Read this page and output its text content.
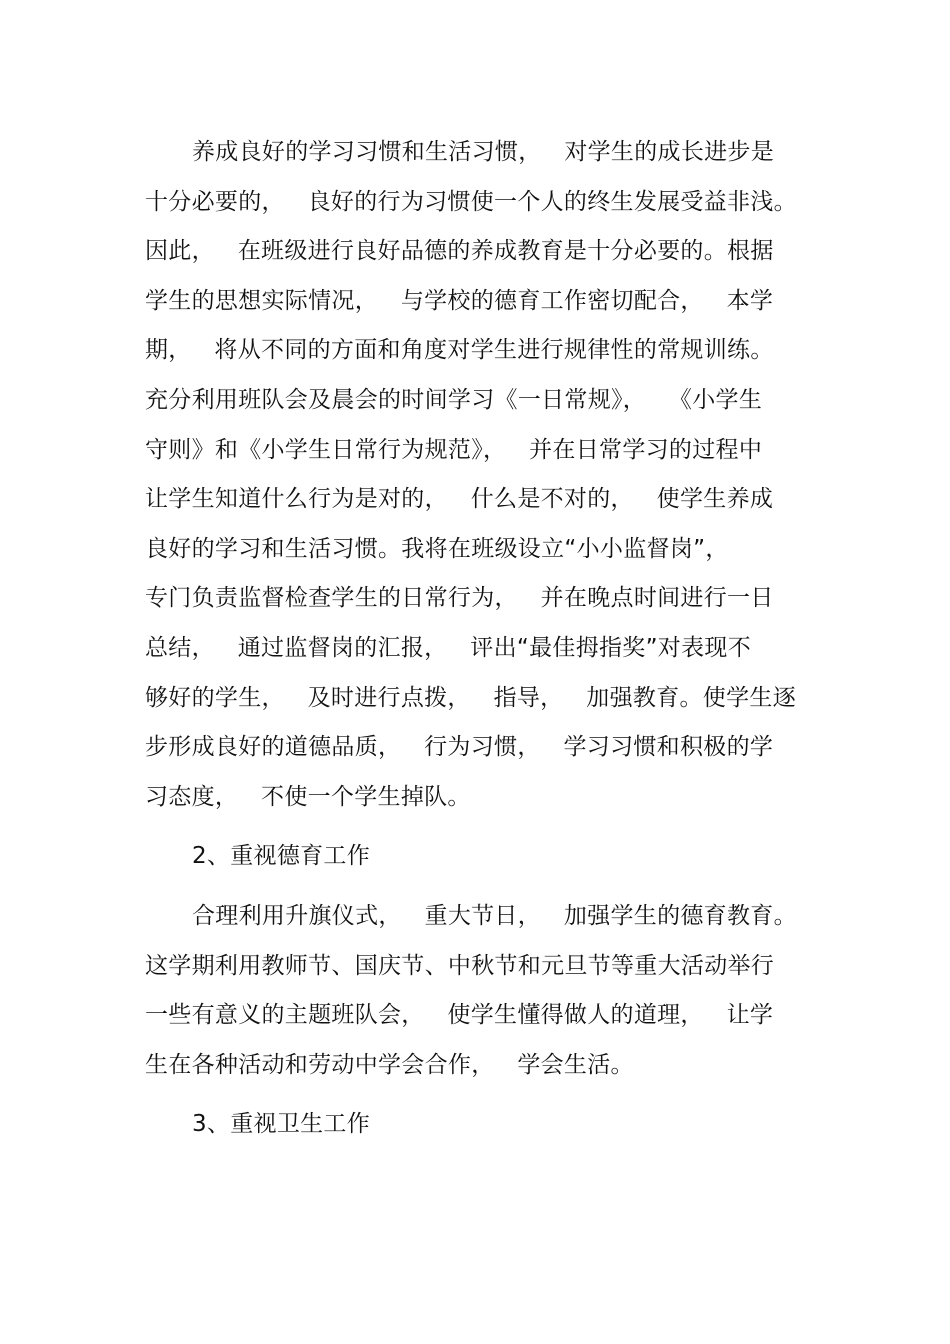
养成良好的学习习惯和生活习惯，   对学生的成长进步是
十分必要的，   良好的行为习惯使一个人的终生发展受益非浅。
因此，   在班级进行良好品德的养成教育是十分必要的。根据
学生的思想实际情况，   与学校的德育工作密切配合，   本学
期，   将从不同的方面和角度对学生进行规律性的常规训练。
充分利用班队会及晨会的时间学习《一日常规》，   《小学生
守则》和《小学生日常行为规范》，   并在日常学习的过程中
让学生知道什么行为是对的，   什么是不对的，   使学生养成
良好的学习和生活习惯。我将在班级设立“小小监督岗”，
专门负责监督检查学生的日常行为，   并在晚点时间进行一日
总结，   通过监督岗的汇报，   评出“最佳拇指奖”对表现不
够好的学生，   及时进行点拨，   指导，   加强教育。使学生逐
步形成良好的道德品质，   行为习惯，   学习习惯和积极的学
习态度，   不使一个学生掉队。
2、重视德育工作
合理利用升旗仪式，   重大节日，   加强学生的德育教育。
这学期利用教师节、国庆节、中秋节和元旦节等重大活动举行
一些有意义的主题班队会，   使学生懂得做人的道理，   让学
生在各种活动和劳动中学会合作，   学会生活。
3、重视卫生工作
